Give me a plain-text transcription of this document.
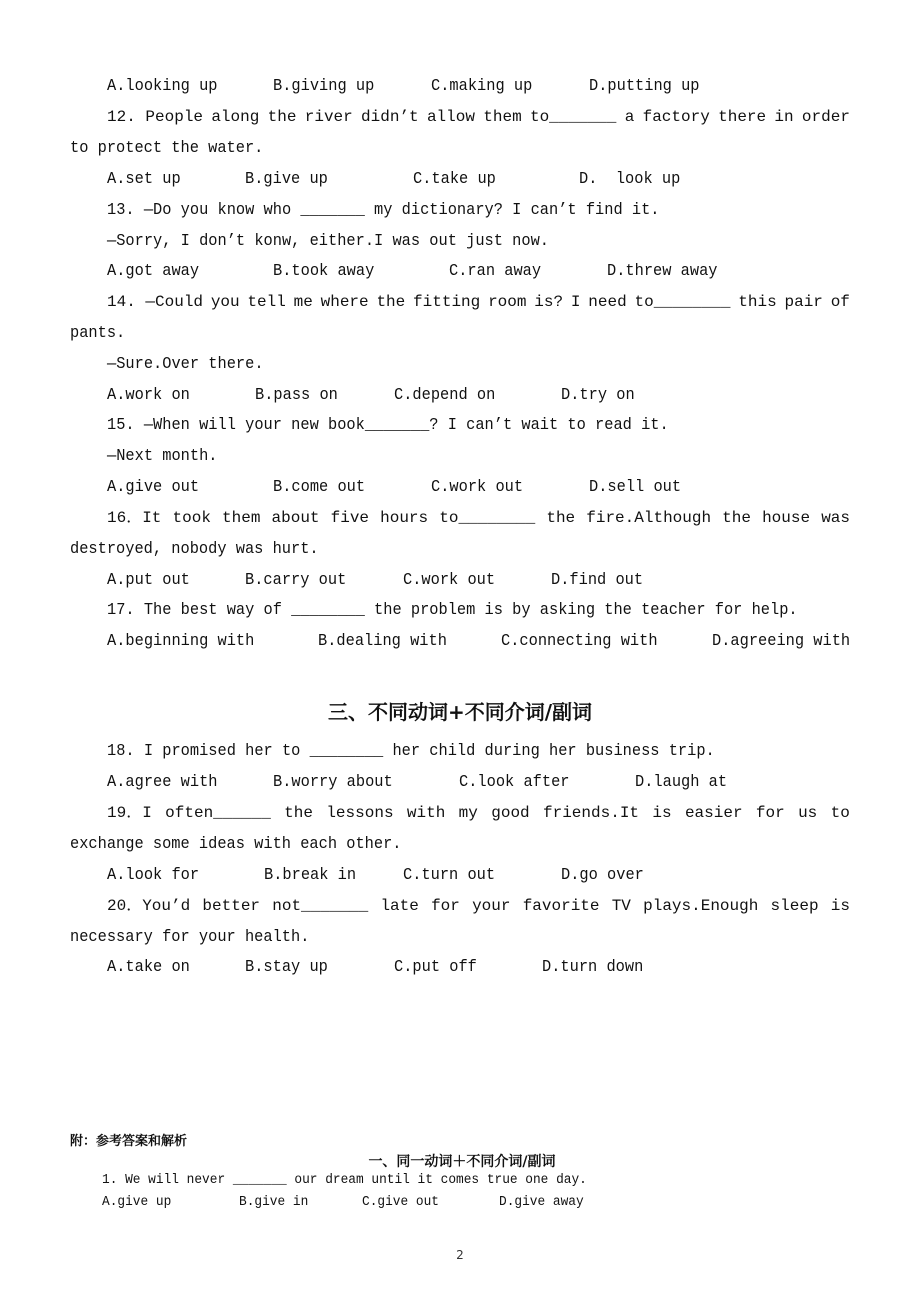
A.looking up	B.giving up	C.making up	D.putting up
12. People along the river didn’t allow them to_______ a factory there in order
to protect the water.
A.set up	B.give up	C.take up	D.  look up
13. —Do you know who _______ my dictionary? I can’t find it.
—Sorry, I don’t konw, either.I was out just now.
A.got away	B.took away	C.ran away	D.threw away
14. —Could you tell me where the fitting room is? I need to________ this pair of
pants.
—Sure.Over there.
A.work on	B.pass on	C.depend on	D.try on
15. —When will your new book_______? I can’t wait to read it.
—Next month.
A.give out	B.come out	C.work out	D.sell out
16．It took them about five hours to________ the fire.Although the house was
destroyed, nobody was hurt.
A.put out	B.carry out	C.work out	D.find out
17. The best way of ________ the problem is by asking the teacher for help.
A.beginning with	B.dealing with	C.connecting with	D.agreeing with
三、不同动词+不同介词/副词
18. I promised her to ________ her child during her business trip.
A.agree with	B.worry about	C.look after	D.laugh at
19．I often______ the lessons with my good friends.It is easier for us to
exchange some ideas with each other.
A.look for	B.break in	C.turn out	D.go over
20．You’d better not_______ late for your favorite TV plays.Enough sleep is
necessary for your health.
A.take on	B.stay up	C.put off	D.turn down
附：参考答案和解析
一、同一动词＋不同介词/副词
1. We will never _______ our dream until it comes true one day.
A.give up	B.give in	C.give out	D.give away
2
